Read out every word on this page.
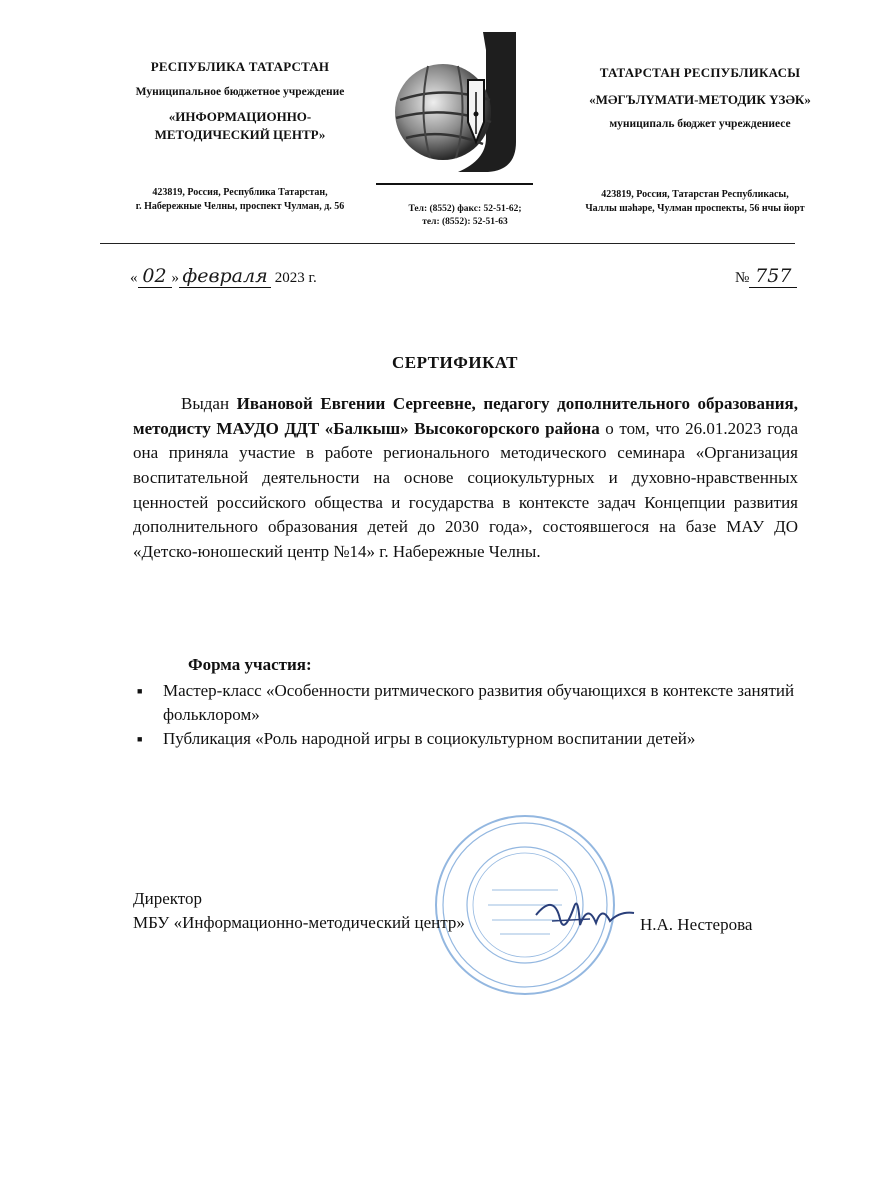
РЕСПУБЛИКА ТАТАРСТАН
Муниципальное бюджетное учреждение
«ИНФОРМАЦИОННО-
МЕТОДИЧЕСКИЙ ЦЕНТР»
423819, Россия, Республика Татарстан,
г. Набережные Челны, проспект Чулман, д. 56	Тел: (8552) факс: 52-51-62;
тел: (8552): 52-51-63
ТАТАРСТАН РЕСПУБЛИКАСЫ
«МӘГЪЛҮМАТИ-МЕТОДИК ҮЗӘК»
муниципаль бюджет учреждениесе
423819, Россия, Татарстан Республикасы,
Чаллы шәһәре, Чулман проспекты, 56 нчы йорт
« 02 » февраля 2023 г.	№ 757
СЕРТИФИКАТ
Выдан Ивановой Евгении Сергеевне, педагогу дополнительного образования, методисту МАУДО ДДТ «Балкыш» Высокогорского района о том, что 26.01.2023 года она приняла участие в работе регионального методического семинара «Организация воспитательной деятельности на основе социокультурных и духовно-нравственных ценностей российского общества и государства в контексте задач Концепции развития дополнительного образования детей до 2030 года», состоявшегося на базе МАУ ДО «Детско-юношеский центр №14» г. Набережные Челны.
Форма участия:
■ Мастер-класс «Особенности ритмического развития обучающихся в контексте занятий фольклором»
■ Публикация «Роль народной игры в социокультурном воспитании детей»
Директор
МБУ «Информационно-методический центр»	Н.А. Нестерова
